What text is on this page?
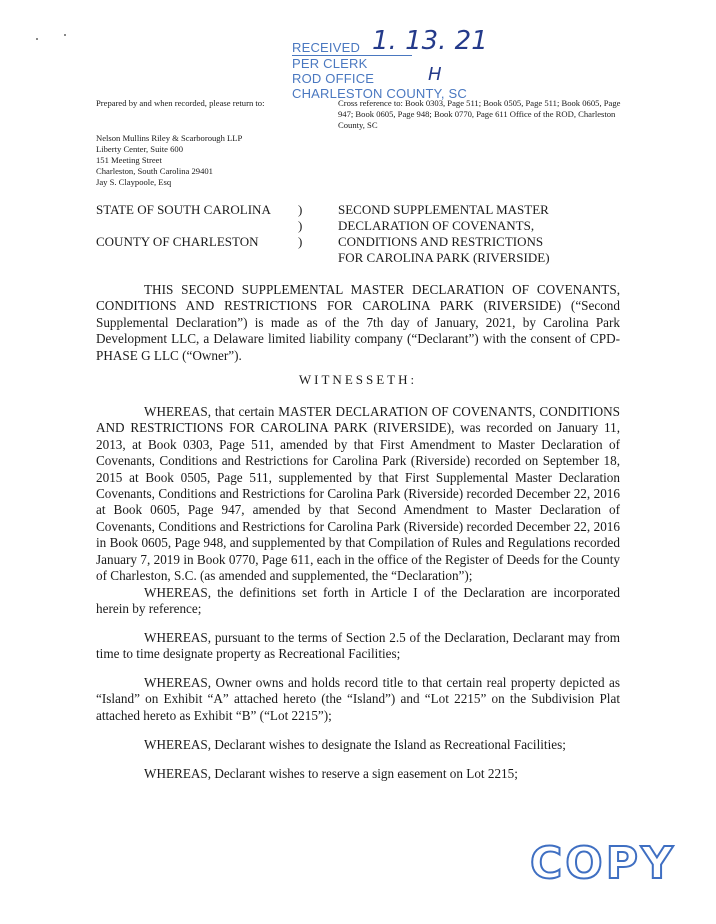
RECEIVED
PER CLERK
ROD OFFICE
CHARLESTON COUNTY, SC
1. 13. 21
H
Prepared by and when recorded, please return to:	Cross reference to: Book 0303, Page 511; Book 0505, Page 511; Book 0605, Page 947; Book 0605, Page 948; Book 0770, Page 611 Office of the ROD, Charleston County, SC
Nelson Mullins Riley & Scarborough LLP
Liberty Center, Suite 600
151 Meeting Street
Charleston, South Carolina 29401
Jay S. Claypoole, Esq
STATE OF SOUTH CAROLINA
COUNTY OF CHARLESTON
)
)
)
SECOND SUPPLEMENTAL MASTER
DECLARATION OF COVENANTS,
CONDITIONS AND RESTRICTIONS
FOR CAROLINA PARK (RIVERSIDE)

THIS SECOND SUPPLEMENTAL MASTER DECLARATION OF COVENANTS, CONDITIONS AND RESTRICTIONS FOR CAROLINA PARK (RIVERSIDE) (“Second Supplemental Declaration”) is made as of the 7th day of January, 2021, by Carolina Park Development LLC, a Delaware limited liability company (“Declarant”) with the consent of CPD-PHASE G LLC (“Owner”).

WITNESSETH:

WHEREAS, that certain MASTER DECLARATION OF COVENANTS, CONDITIONS AND RESTRICTIONS FOR CAROLINA PARK (RIVERSIDE), was recorded on January 11, 2013, at Book 0303, Page 511, amended by that First Amendment to Master Declaration of Covenants, Conditions and Restrictions for Carolina Park (Riverside) recorded on September 18, 2015 at Book 0505, Page 511, supplemented by that First Supplemental Master Declaration Covenants, Conditions and Restrictions for Carolina Park (Riverside) recorded December 22, 2016 at Book 0605, Page 947, amended by that Second Amendment to Master Declaration of Covenants, Conditions and Restrictions for Carolina Park (Riverside) recorded December 22, 2016 in Book 0605, Page 948, and supplemented by that Compilation of Rules and Regulations recorded January 7, 2019 in Book 0770, Page 611, each in the office of the Register of Deeds for the County of Charleston, S.C. (as amended and supplemented, the “Declaration”);

WHEREAS, the definitions set forth in Article I of the Declaration are incorporated herein by reference;

WHEREAS, pursuant to the terms of Section 2.5 of the Declaration, Declarant may from time to time designate property as Recreational Facilities;

WHEREAS, Owner owns and holds record title to that certain real property depicted as “Island” on Exhibit “A” attached hereto (the “Island”) and “Lot 2215” on the Subdivision Plat attached hereto as Exhibit “B” (“Lot 2215”);

WHEREAS, Declarant wishes to designate the Island as Recreational Facilities;

WHEREAS, Declarant wishes to reserve a sign easement on Lot 2215;

COPY
